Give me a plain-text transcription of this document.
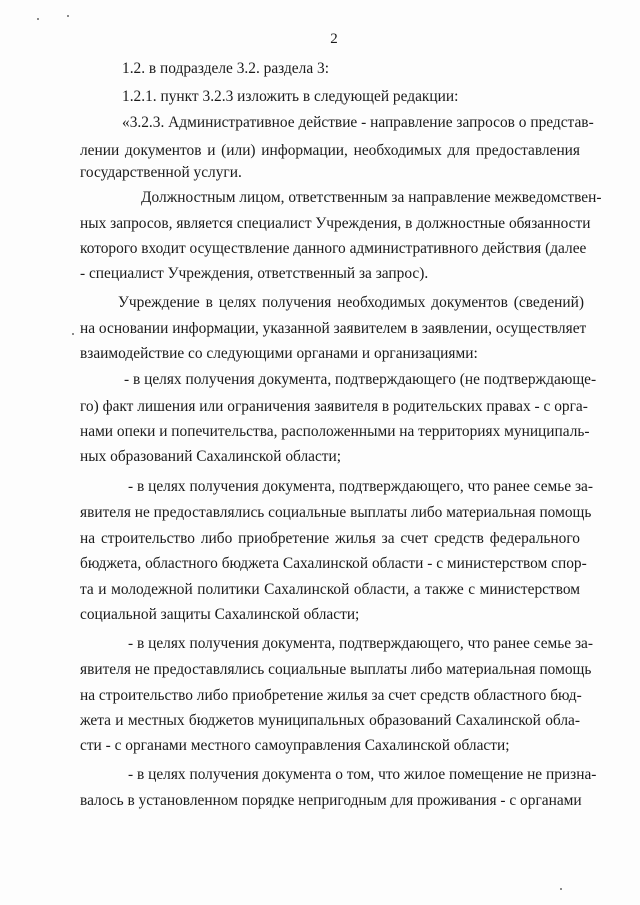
2
1.2. в подразделе 3.2. раздела 3:
1.2.1. пункт 3.2.3 изложить в следующей редакции:
«3.2.3. Административное действие - направление запросов о представ-
лении документов и (или) информации, необходимых для предоставления
государственной услуги.
Должностным лицом, ответственным за направление межведомствен-
ных запросов, является специалист Учреждения, в должностные обязанности
которого входит осуществление данного административного действия (далее
- специалист Учреждения, ответственный за запрос).
Учреждение в целях получения необходимых документов (сведений)
на основании информации, указанной заявителем в заявлении, осуществляет
взаимодействие со следующими органами и организациями:
- в целях получения документа, подтверждающего (не подтверждающе-
го) факт лишения или ограничения заявителя в родительских правах - с орга-
нами опеки и попечительства, расположенными на территориях муниципаль-
ных образований Сахалинской области;
- в целях получения документа, подтверждающего, что ранее семье за-
явителя не предоставлялись социальные выплаты либо материальная помощь
на строительство либо приобретение жилья за счет средств федерального
бюджета, областного бюджета Сахалинской области - с министерством спор-
та и молодежной политики Сахалинской области, а также с министерством
социальной защиты Сахалинской области;
- в целях получения документа, подтверждающего, что ранее семье за-
явителя не предоставлялись социальные выплаты либо материальная помощь
на строительство либо приобретение жилья за счет средств областного бюд-
жета и местных бюджетов муниципальных образований Сахалинской обла-
сти - с органами местного самоуправления Сахалинской области;
- в целях получения документа о том, что жилое помещение не призна-
валось в установленном порядке непригодным для проживания - с органами
